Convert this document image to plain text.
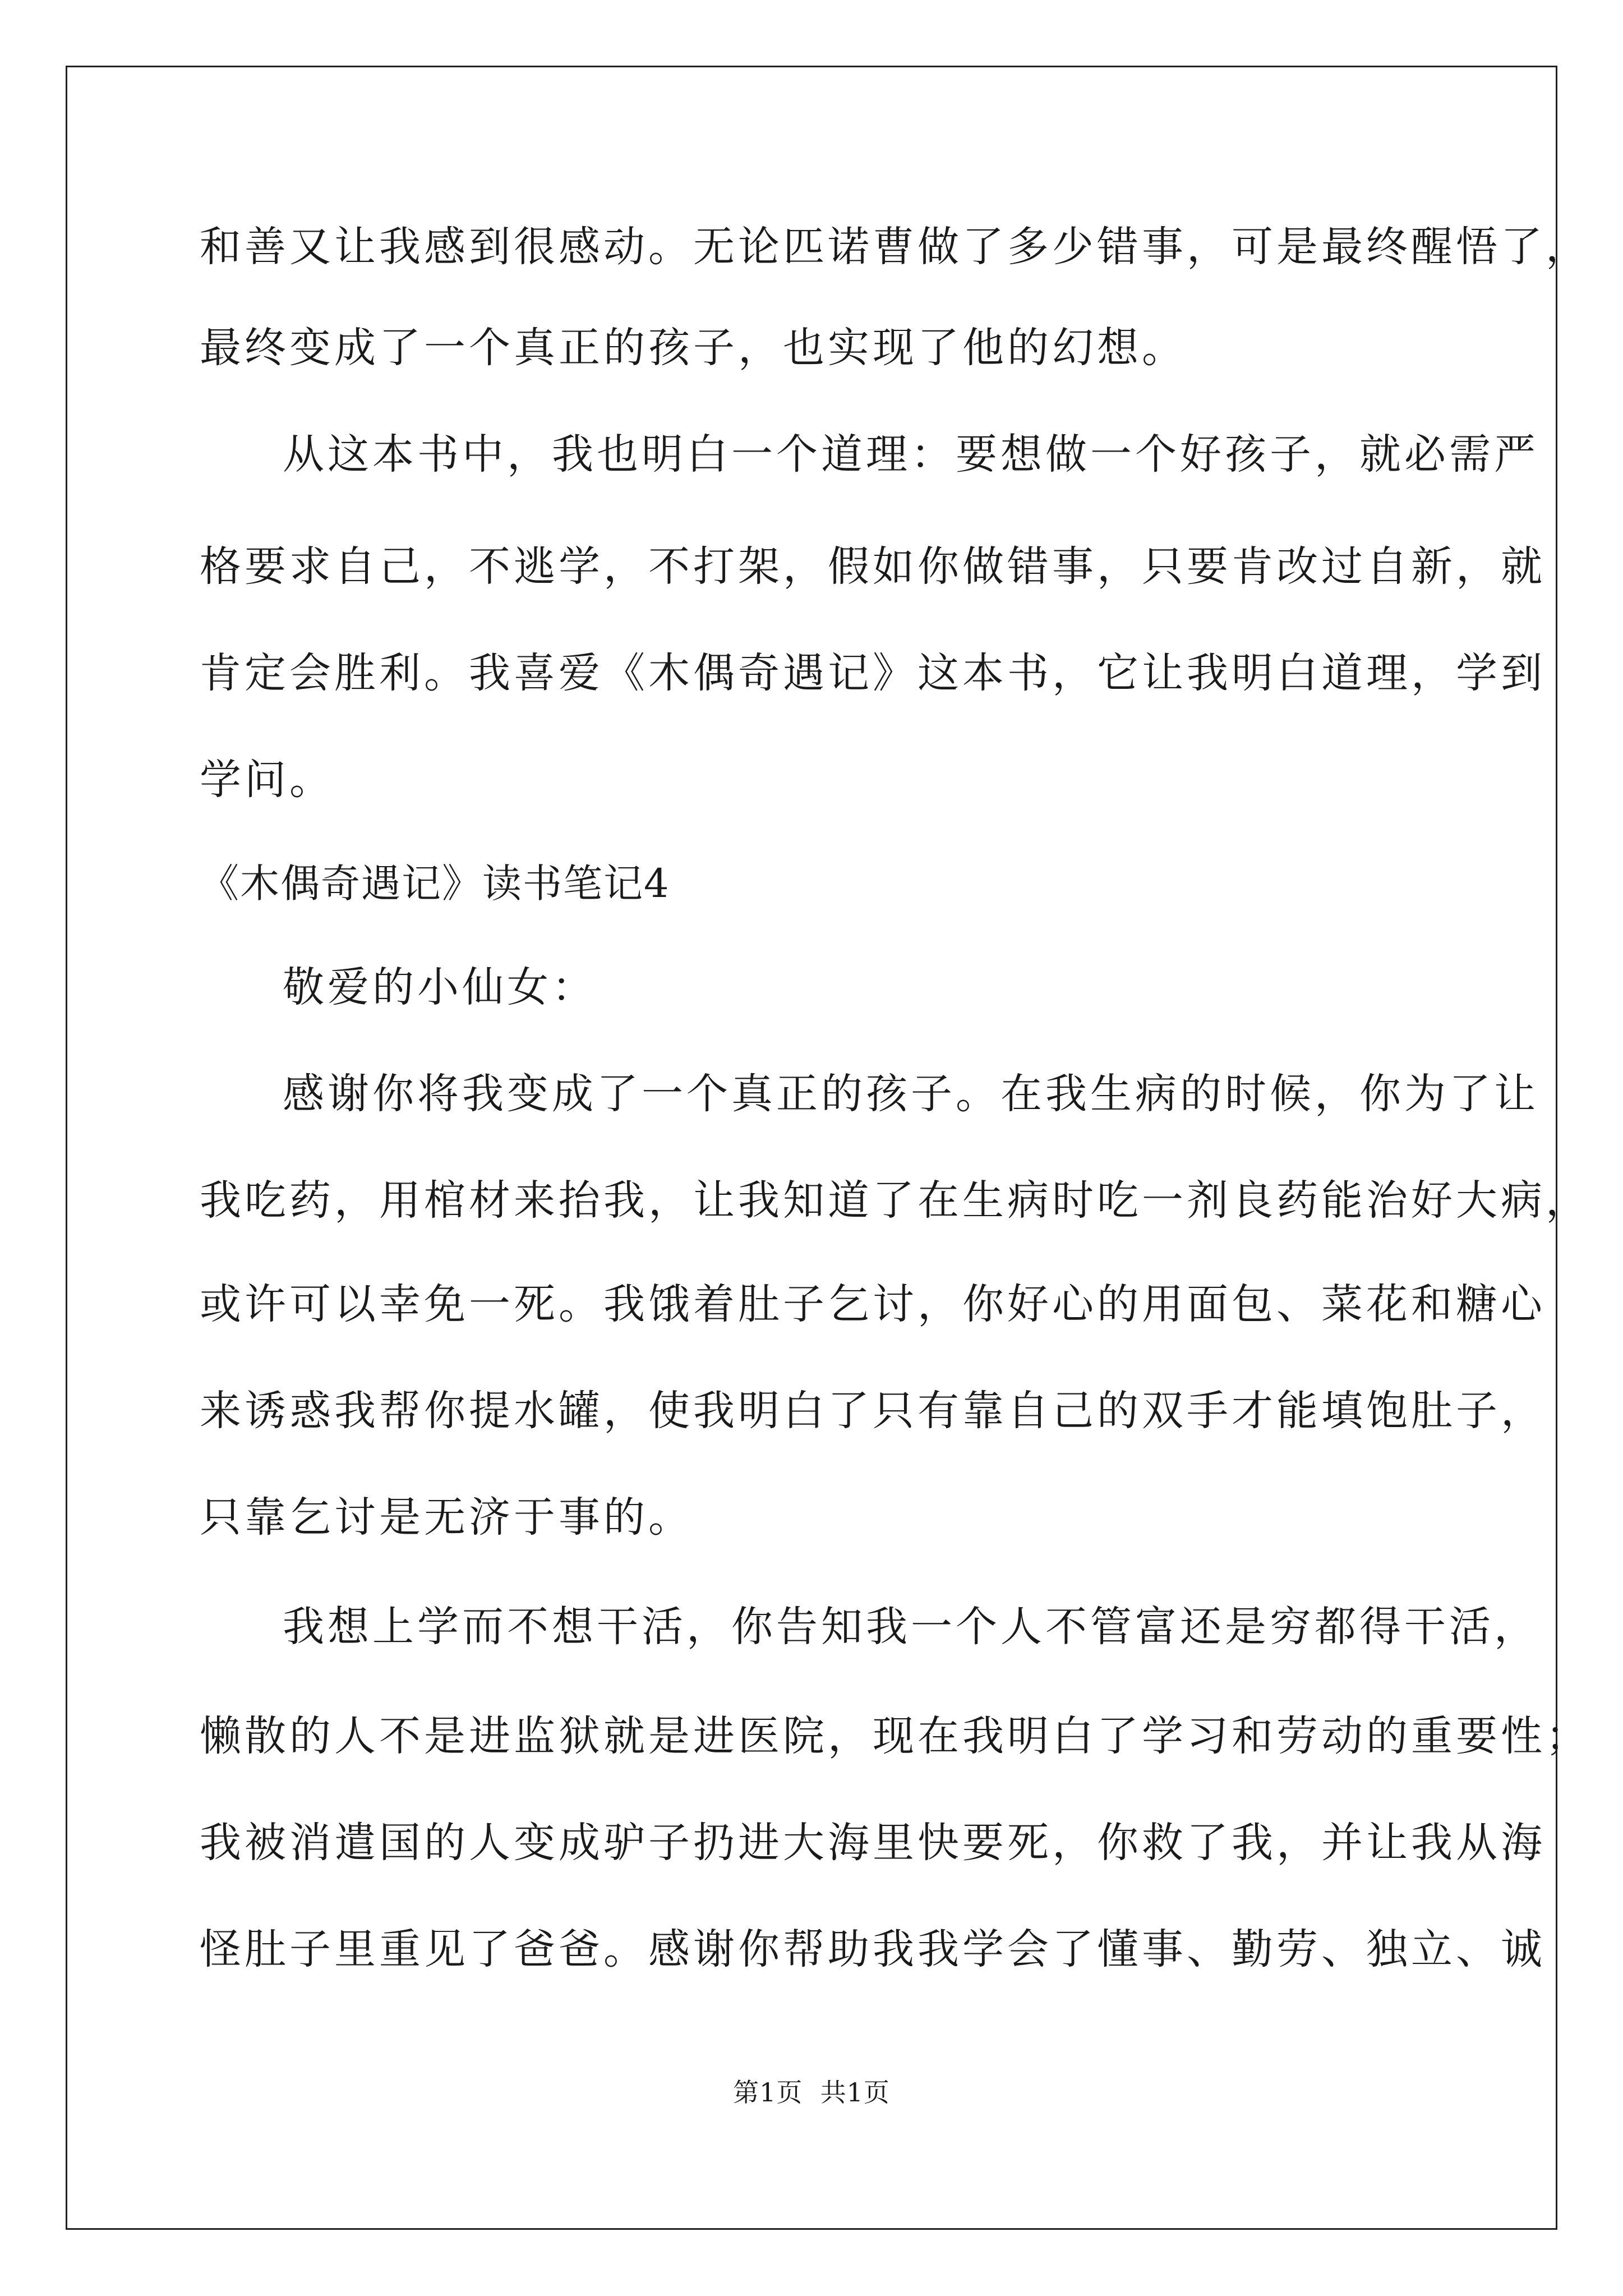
和善又让我感到很感动。无论匹诺曹做了多少错事，可是最终醒悟了，
最终变成了一个真正的孩子，也实现了他的幻想。
从这本书中，我也明白一个道理：要想做一个好孩子，就必需严
格要求自己，不逃学，不打架，假如你做错事，只要肯改过自新，就
肯定会胜利。我喜爱《木偶奇遇记》这本书，它让我明白道理，学到
学问。
《木偶奇遇记》读书笔记4
敬爱的小仙女：
感谢你将我变成了一个真正的孩子。在我生病的时候，你为了让
我吃药，用棺材来抬我，让我知道了在生病时吃一剂良药能治好大病，
或许可以幸免一死。我饿着肚子乞讨，你好心的用面包、菜花和糖心
来诱惑我帮你提水罐，使我明白了只有靠自己的双手才能填饱肚子，
只靠乞讨是无济于事的。
我想上学而不想干活，你告知我一个人不管富还是穷都得干活，
懒散的人不是进监狱就是进医院，现在我明白了学习和劳动的重要性；
我被消遣国的人变成驴子扔进大海里快要死，你救了我，并让我从海
怪肚子里重见了爸爸。感谢你帮助我我学会了懂事、勤劳、独立、诚
第1页  共1页
